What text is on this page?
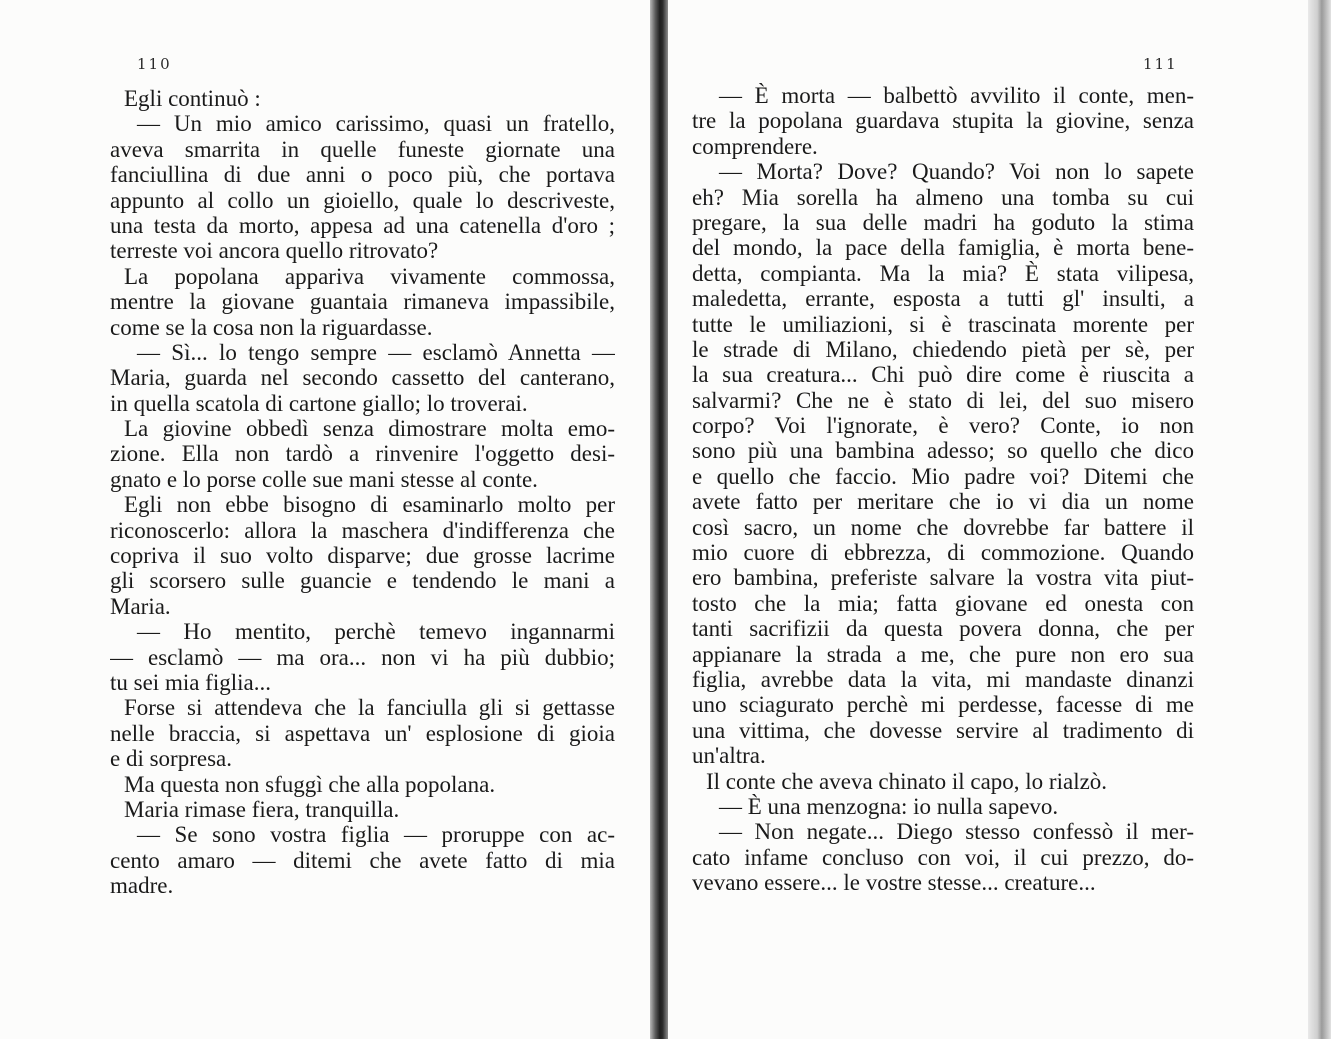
110
Egli continuò :
— Un mio amico carissimo, quasi un fratello,
aveva smarrita in quelle funeste giornate una
fanciullina di due anni o poco più, che portava
appunto al collo un gioiello, quale lo descriveste,
una testa da morto, appesa ad una catenella d'oro ;
terreste voi ancora quello ritrovato?
La popolana appariva vivamente commossa,
mentre la giovane guantaia rimaneva impassibile,
come se la cosa non la riguardasse.
— Sì... lo tengo sempre — esclamò Annetta —
Maria, guarda nel secondo cassetto del canterano,
in quella scatola di cartone giallo; lo troverai.
La giovine obbedì senza dimostrare molta emo-
zione. Ella non tardò a rinvenire l'oggetto desi-
gnato e lo porse colle sue mani stesse al conte.
Egli non ebbe bisogno di esaminarlo molto per
riconoscerlo: allora la maschera d'indifferenza che
copriva il suo volto disparve; due grosse lacrime
gli scorsero sulle guancie e tendendo le mani a
Maria.
— Ho mentito, perchè temevo ingannarmi
— esclamò — ma ora... non vi ha più dubbio;
tu sei mia figlia...
Forse si attendeva che la fanciulla gli si gettasse
nelle braccia, si aspettava un' esplosione di gioia
e di sorpresa.
Ma questa non sfuggì che alla popolana.
Maria rimase fiera, tranquilla.
— Se sono vostra figlia — proruppe con ac-
cento amaro — ditemi che avete fatto di mia
madre.
111
— È morta — balbettò avvilito il conte, men-
tre la popolana guardava stupita la giovine, senza
comprendere.
— Morta? Dove? Quando? Voi non lo sapete
eh? Mia sorella ha almeno una tomba su cui
pregare, la sua delle madri ha goduto la stima
del mondo, la pace della famiglia, è morta bene-
detta, compianta. Ma la mia? È stata vilipesa,
maledetta, errante, esposta a tutti gl' insulti, a
tutte le umiliazioni, si è trascinata morente per
le strade di Milano, chiedendo pietà per sè, per
la sua creatura... Chi può dire come è riuscita a
salvarmi? Che ne è stato di lei, del suo misero
corpo? Voi l'ignorate, è vero? Conte, io non
sono più una bambina adesso; so quello che dico
e quello che faccio. Mio padre voi? Ditemi che
avete fatto per meritare che io vi dia un nome
così sacro, un nome che dovrebbe far battere il
mio cuore di ebbrezza, di commozione. Quando
ero bambina, preferiste salvare la vostra vita piut-
tosto che la mia; fatta giovane ed onesta con
tanti sacrifizii da questa povera donna, che per
appianare la strada a me, che pure non ero sua
figlia, avrebbe data la vita, mi mandaste dinanzi
uno sciagurato perchè mi perdesse, facesse di me
una vittima, che dovesse servire al tradimento di
un'altra.
Il conte che aveva chinato il capo, lo rialzò.
— È una menzogna: io nulla sapevo.
— Non negate... Diego stesso confessò il mer-
cato infame concluso con voi, il cui prezzo, do-
vevano essere... le vostre stesse... creature...
